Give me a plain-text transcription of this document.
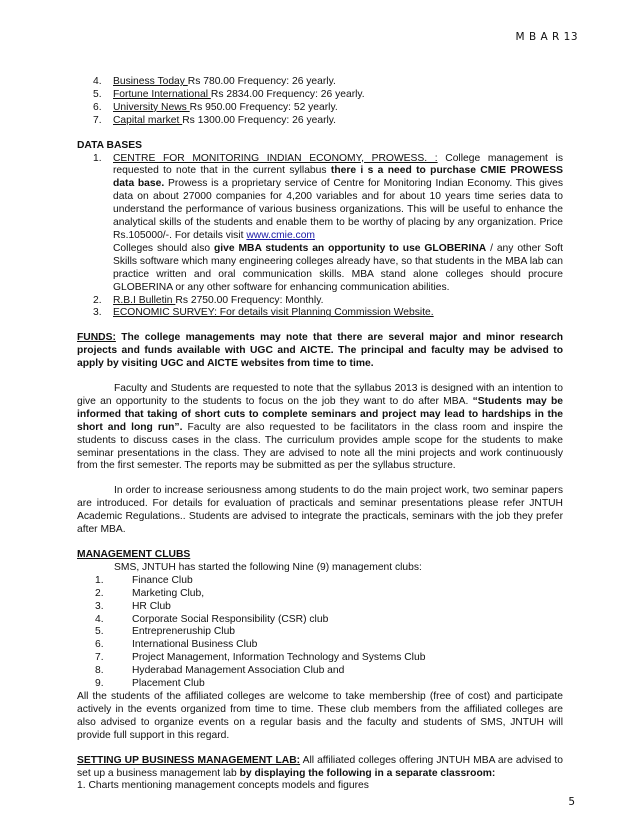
M B A R 13
4. Business Today Rs 780.00 Frequency: 26 yearly.
5. Fortune International Rs 2834.00 Frequency: 26 yearly.
6. University News Rs 950.00 Frequency: 52 yearly.
7. Capital market Rs 1300.00 Frequency: 26 yearly.
DATA BASES
1. CENTRE FOR MONITORING INDIAN ECONOMY, PROWESS. : College management is requested to note that in the current syllabus there i s a need to purchase CMIE PROWESS data base. Prowess is a proprietary service of Centre for Monitoring Indian Economy. This gives data on about 27000 companies for 4,200 variables and for about 10 years time series data to understand the performance of various business organizations. This will be useful to enhance the analytical skills of the students and enable them to be worthy of placing by any organization. Price Rs.105000/-. For details visit www.cmie.com
Colleges should also give MBA students an opportunity to use GLOBERINA / any other Soft Skills software which many engineering colleges already have, so that students in the MBA lab can practice written and oral communication skills. MBA stand alone colleges should procure GLOBERINA or any other software for enhancing communication abilities.
2. R.B.I Bulletin Rs 2750.00 Frequency: Monthly.
3. ECONOMIC SURVEY: For details visit Planning Commission Website.
FUNDS: The college managements may note that there are several major and minor research projects and funds available with UGC and AICTE. The principal and faculty may be advised to apply by visiting UGC and AICTE websites from time to time.
Faculty and Students are requested to note that the syllabus 2013 is designed with an intention to give an opportunity to the students to focus on the job they want to do after MBA. “Students may be informed that taking of short cuts to complete seminars and project may lead to hardships in the short and long run”. Faculty are also requested to be facilitators in the class room and inspire the students to discuss cases in the class. The curriculum provides ample scope for the students to make seminar presentations in the class. They are advised to note all the mini projects and work continuously from the first semester. The reports may be submitted as per the syllabus structure.
In order to increase seriousness among students to do the main project work, two seminar papers are introduced. For details for evaluation of practicals and seminar presentations please refer JNTUH Academic Regulations.. Students are advised to integrate the practicals, seminars with the job they prefer after MBA.
MANAGEMENT CLUBS
SMS, JNTUH has started the following Nine (9) management clubs:
1.	Finance Club
2.	Marketing Club,
3.	HR Club
4.	Corporate Social Responsibility (CSR) club
5.	Entrepreneruship Club
6.	International Business Club
7.	Project Management, Information Technology and Systems Club
8.	Hyderabad Management Association Club and
9.	Placement Club
All the students of the affiliated colleges are welcome to take membership (free of cost) and participate actively in the events organized from time to time. These club members from the affiliated colleges are also advised to organize events on a regular basis and the faculty and students of SMS, JNTUH will provide full support in this regard.
SETTING UP BUSINESS MANAGEMENT LAB: All affiliated colleges offering JNTUH MBA are advised to set up a business management lab by displaying the following in a separate classroom:
1. Charts mentioning management concepts models and figures
5
